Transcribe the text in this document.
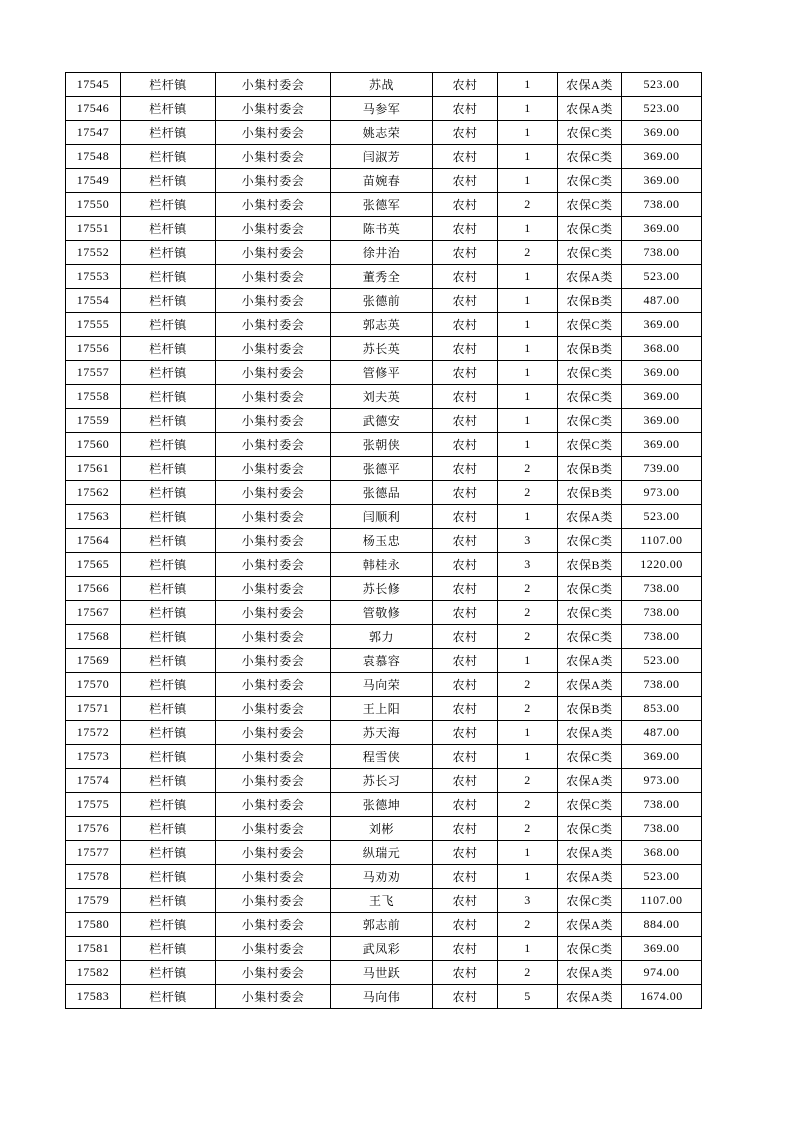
17545	栏杆镇	小集村委会	苏战	农村	1	农保A类	523.00
17546	栏杆镇	小集村委会	马参军	农村	1	农保A类	523.00
17547	栏杆镇	小集村委会	姚志荣	农村	1	农保C类	369.00
17548	栏杆镇	小集村委会	闫淑芳	农村	1	农保C类	369.00
17549	栏杆镇	小集村委会	苗婉春	农村	1	农保C类	369.00
17550	栏杆镇	小集村委会	张德军	农村	2	农保C类	738.00
17551	栏杆镇	小集村委会	陈书英	农村	1	农保C类	369.00
17552	栏杆镇	小集村委会	徐井治	农村	2	农保C类	738.00
17553	栏杆镇	小集村委会	董秀全	农村	1	农保A类	523.00
17554	栏杆镇	小集村委会	张德前	农村	1	农保B类	487.00
17555	栏杆镇	小集村委会	郭志英	农村	1	农保C类	369.00
17556	栏杆镇	小集村委会	苏长英	农村	1	农保B类	368.00
17557	栏杆镇	小集村委会	管修平	农村	1	农保C类	369.00
17558	栏杆镇	小集村委会	刘夫英	农村	1	农保C类	369.00
17559	栏杆镇	小集村委会	武德安	农村	1	农保C类	369.00
17560	栏杆镇	小集村委会	张朝侠	农村	1	农保C类	369.00
17561	栏杆镇	小集村委会	张德平	农村	2	农保B类	739.00
17562	栏杆镇	小集村委会	张德品	农村	2	农保B类	973.00
17563	栏杆镇	小集村委会	闫顺利	农村	1	农保A类	523.00
17564	栏杆镇	小集村委会	杨玉忠	农村	3	农保C类	1107.00
17565	栏杆镇	小集村委会	韩桂永	农村	3	农保B类	1220.00
17566	栏杆镇	小集村委会	苏长修	农村	2	农保C类	738.00
17567	栏杆镇	小集村委会	管敬修	农村	2	农保C类	738.00
17568	栏杆镇	小集村委会	郭力	农村	2	农保C类	738.00
17569	栏杆镇	小集村委会	袁慕容	农村	1	农保A类	523.00
17570	栏杆镇	小集村委会	马向荣	农村	2	农保A类	738.00
17571	栏杆镇	小集村委会	王上阳	农村	2	农保B类	853.00
17572	栏杆镇	小集村委会	苏天海	农村	1	农保A类	487.00
17573	栏杆镇	小集村委会	程雪侠	农村	1	农保C类	369.00
17574	栏杆镇	小集村委会	苏长习	农村	2	农保A类	973.00
17575	栏杆镇	小集村委会	张德坤	农村	2	农保C类	738.00
17576	栏杆镇	小集村委会	刘彬	农村	2	农保C类	738.00
17577	栏杆镇	小集村委会	纵瑞元	农村	1	农保A类	368.00
17578	栏杆镇	小集村委会	马劝劝	农村	1	农保A类	523.00
17579	栏杆镇	小集村委会	王飞	农村	3	农保C类	1107.00
17580	栏杆镇	小集村委会	郭志前	农村	2	农保A类	884.00
17581	栏杆镇	小集村委会	武凤彩	农村	1	农保C类	369.00
17582	栏杆镇	小集村委会	马世跃	农村	2	农保A类	974.00
17583	栏杆镇	小集村委会	马向伟	农村	5	农保A类	1674.00
